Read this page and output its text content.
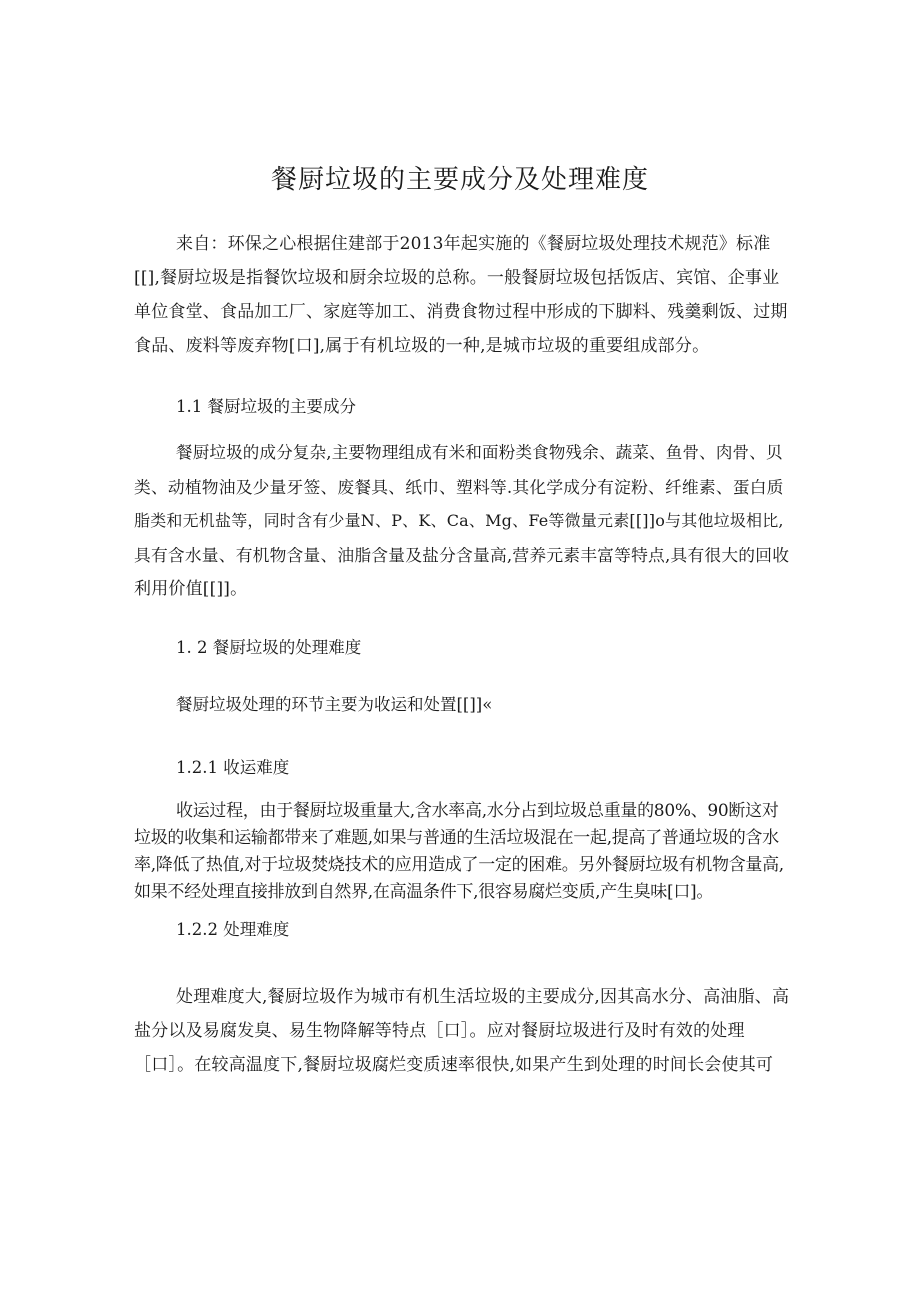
餐厨垃圾的主要成分及处理难度
来自：环保之心根据住建部于2013年起实施的《餐厨垃圾处理技术规范》标准
[[],餐厨垃圾是指餐饮垃圾和厨余垃圾的总称。一般餐厨垃圾包括饭店、宾馆、企事业
单位食堂、食品加工厂、家庭等加工、消费食物过程中形成的下脚料、残羹剩饭、过期
食品、废料等废弃物[口],属于有机垃圾的一种,是城市垃圾的重要组成部分。
1.1 餐厨垃圾的主要成分
餐厨垃圾的成分复杂,主要物理组成有米和面粉类食物残余、蔬菜、鱼骨、肉骨、贝
类、动植物油及少量牙签、废餐具、纸巾、塑料等.其化学成分有淀粉、纤维素、蛋白质
脂类和无机盐等，同时含有少量N、P、K、Ca、Mg、Fe等微量元素[[]]o与其他垃圾相比,
具有含水量、有机物含量、油脂含量及盐分含量高,营养元素丰富等特点,具有很大的回收
利用价值[[]]。
1. 2 餐厨垃圾的处理难度
餐厨垃圾处理的环节主要为收运和处置[[]]«
1.2.1 收运难度
收运过程，由于餐厨垃圾重量大,含水率高,水分占到垃圾总重量的80%、90断这对
垃圾的收集和运输都带来了难题,如果与普通的生活垃圾混在一起,提高了普通垃圾的含水
率,降低了热值,对于垃圾焚烧技术的应用造成了一定的困难。另外餐厨垃圾有机物含量高,
如果不经处理直接排放到自然界,在高温条件下,很容易腐烂变质,产生臭味[口]。
1.2.2 处理难度
处理难度大,餐厨垃圾作为城市有机生活垃圾的主要成分,因其高水分、高油脂、高
盐分以及易腐发臭、易生物降解等特点［口］。应对餐厨垃圾进行及时有效的处理
［口］。在较高温度下,餐厨垃圾腐烂变质速率很快,如果产生到处理的时间长会使其可
